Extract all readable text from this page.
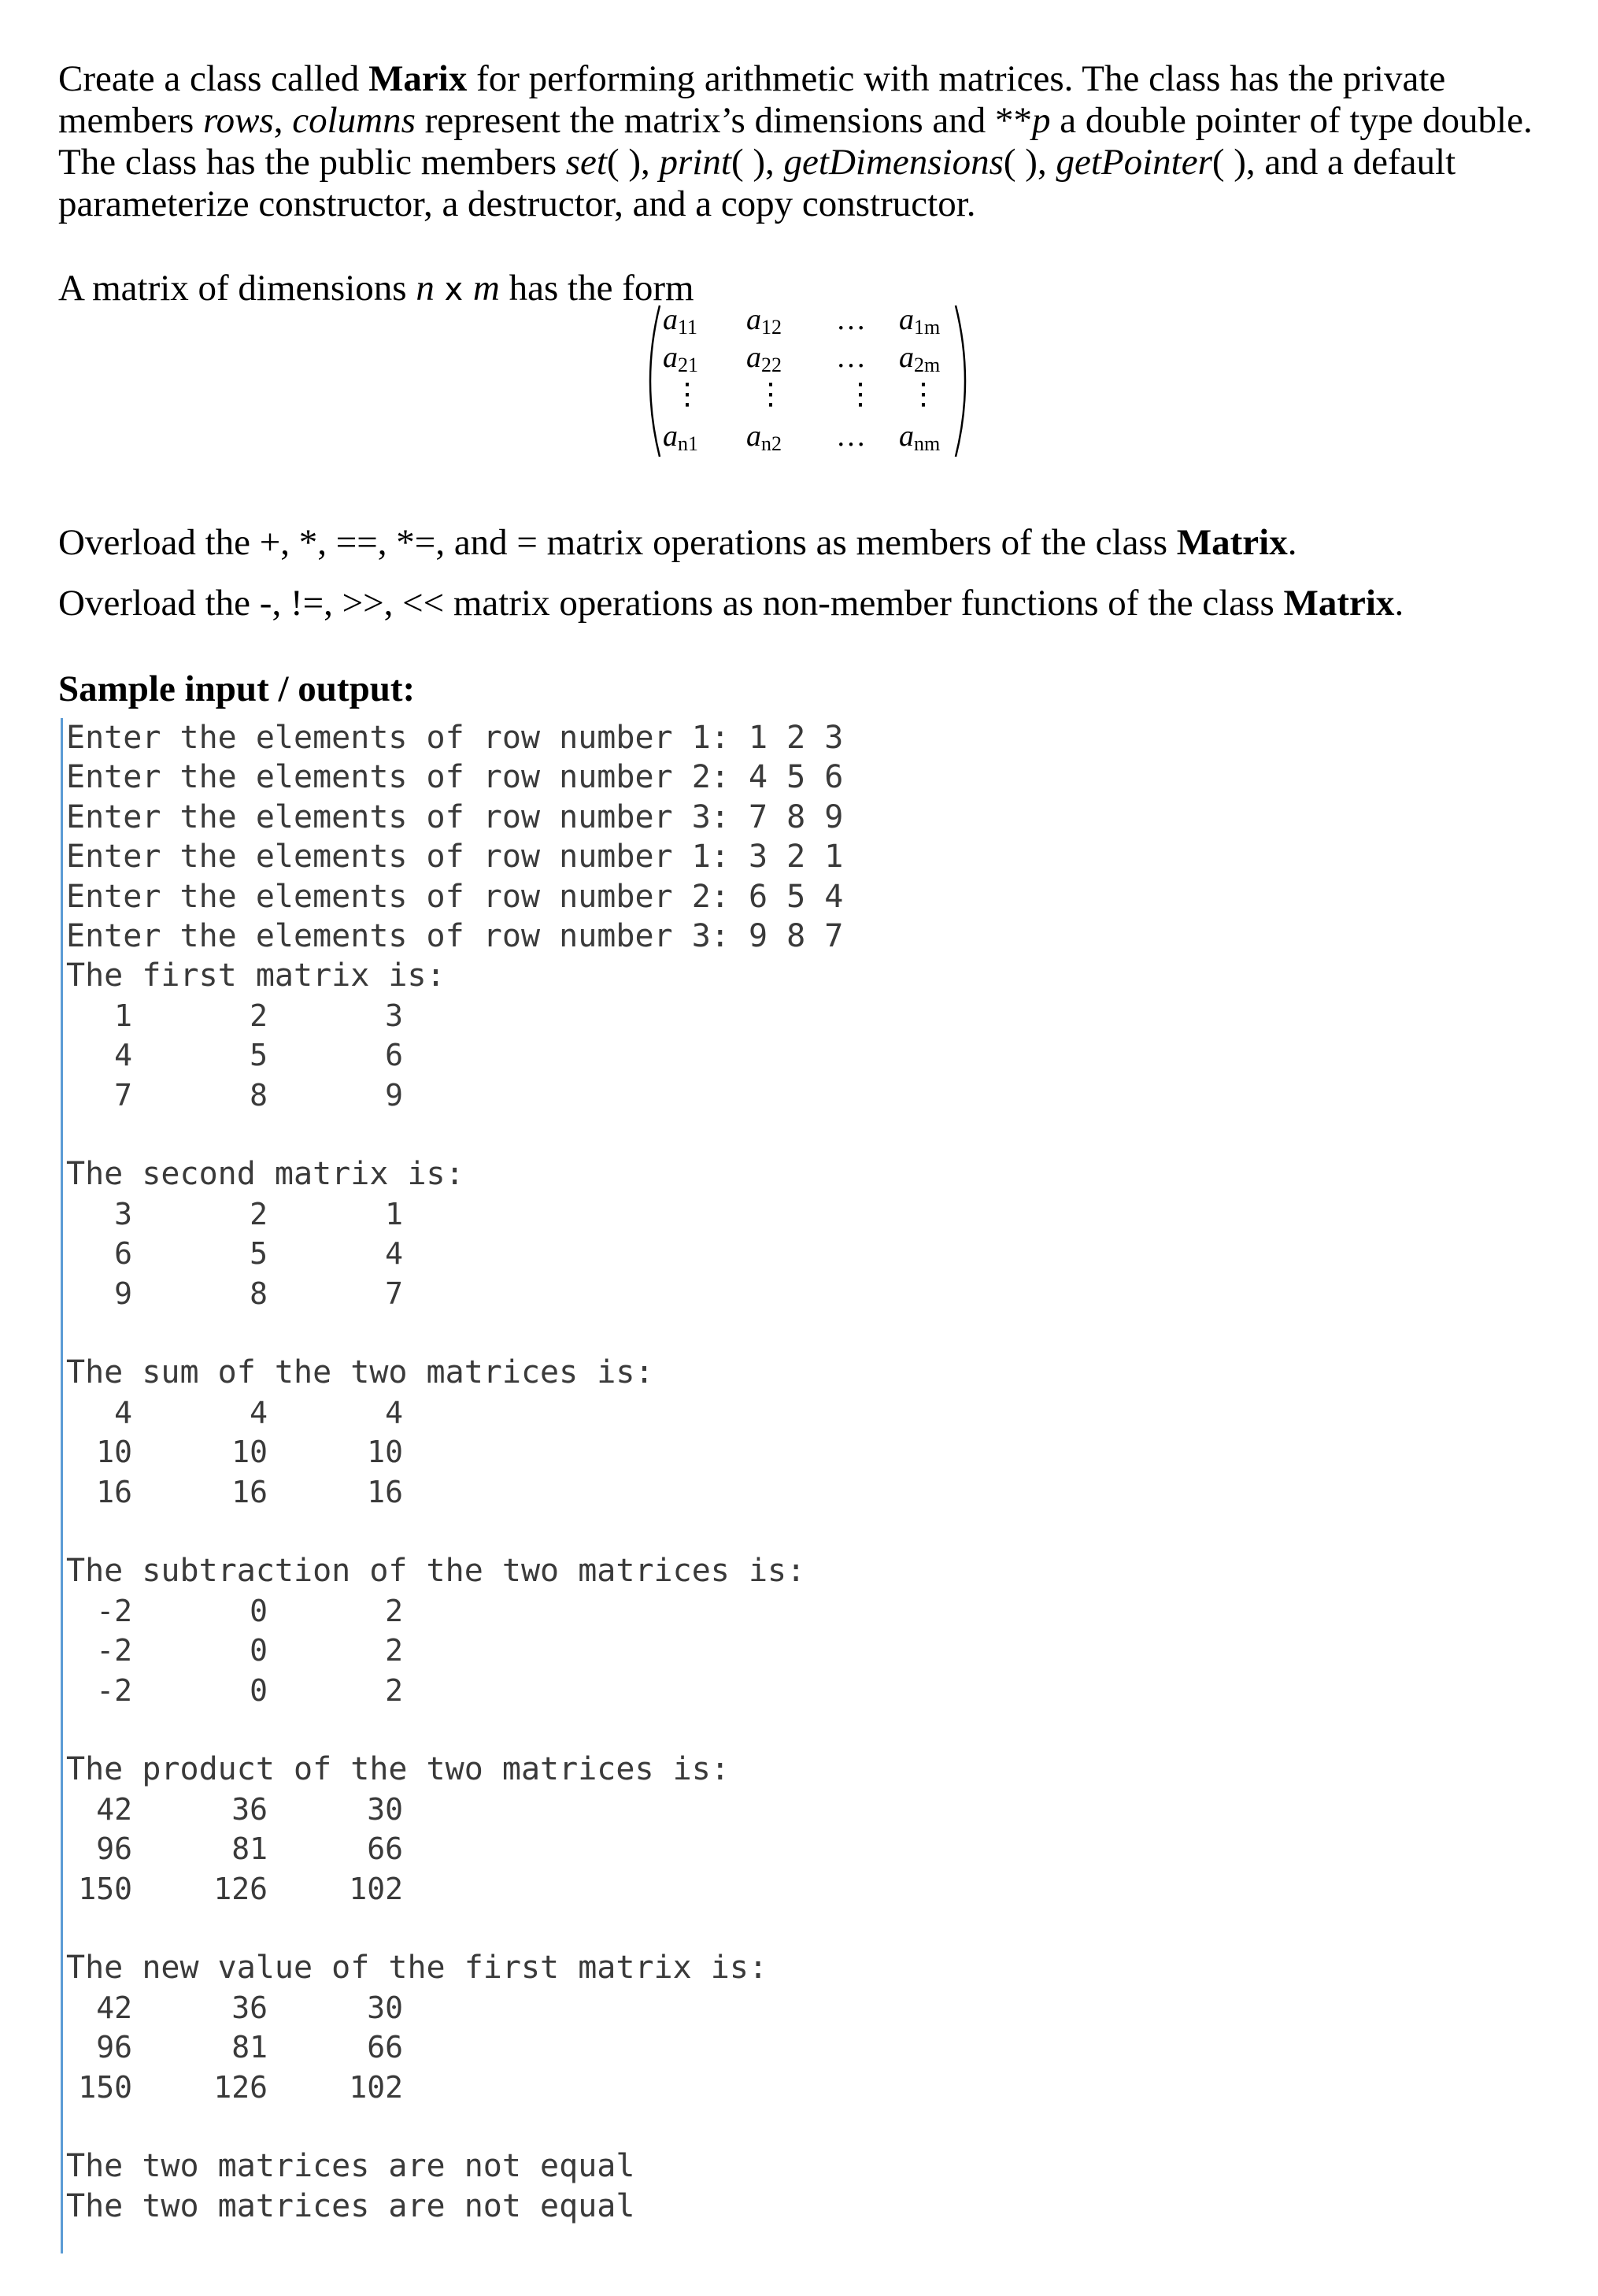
Create a class called Marix for performing arithmetic with matrices. The class has the private
members rows, columns represent the matrix’s dimensions and **p a double pointer of type double.
The class has the public members set( ), print( ), getDimensions( ), getPointer( ), and a default
parameterize constructor, a destructor, and a copy constructor.
A matrix of dimensions n x m has the form
$a_{11}$ $a_{12}$ … $a_{1m}$
$a_{21}$ $a_{22}$ … $a_{2m}$
⋮ ⋮ ⋮ ⋮
$a_{n1}$ $a_{n2}$ … $a_{nm}$
Overload the +, *, ==, *=, and = matrix operations as members of the class Matrix.
Overload the -, !=, >>, << matrix operations as non-member functions of the class Matrix.
Sample input / output:
Enter the elements of row number 1: 1 2 3
Enter the elements of row number 2: 4 5 6
Enter the elements of row number 3: 7 8 9
Enter the elements of row number 1: 3 2 1
Enter the elements of row number 2: 6 5 4
Enter the elements of row number 3: 9 8 7
The first matrix is:
1	2	3
4	5	6
7	8	9
The second matrix is:
3	2	1
6	5	4
9	8	7
The sum of the two matrices is:
4	4	4
10	10	10
16	16	16
The subtraction of the two matrices is:
-2	0	2
-2	0	2
-2	0	2
The product of the two matrices is:
42	36	30
96	81	66
150	126	102
The new value of the first matrix is:
42	36	30
96	81	66
150	126	102
The two matrices are not equal
The two matrices are not equal
